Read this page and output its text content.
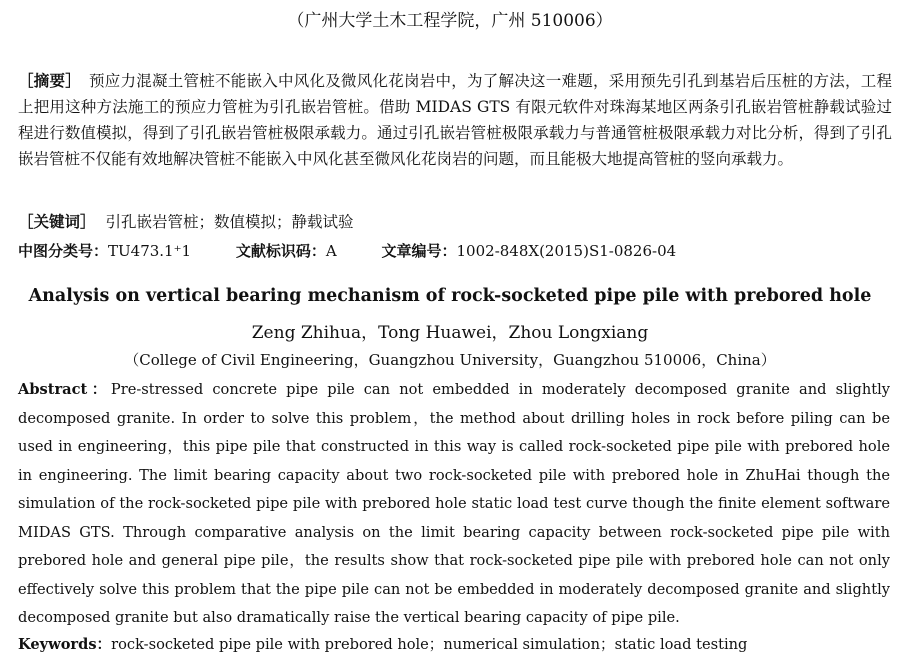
（广州大学土木工程学院，广州 510006）
［摘要］ 预应力混凝土管桩不能嵌入中风化及微风化花岗岩中，为了解决这一难题，采用预先引孔到基岩后压桩的方法，工程上把用这种方法施工的预应力管桩为引孔嵌岩管桩。借助 MIDAS GTS 有限元软件对珠海某地区两条引孔嵌岩管桩静载试验过程进行数值模拟，得到了引孔嵌岩管桩极限承载力。通过引孔嵌岩管桩极限承载力与普通管桩极限承载力对比分析，得到了引孔嵌岩管桩不仅能有效地解决管桩不能嵌入中风化甚至微风化花岗岩的问题，而且能极大地提高管桩的竖向承载力。
［关键词］ 引孔嵌岩管桩；数值模拟；静载试验
中图分类号：TU473.1⁺1	文献标识码：A	文章编号：1002-848X(2015)S1-0826-04
Analysis on vertical bearing mechanism of rock-socketed pipe pile with prebored hole
Zeng Zhihua，Tong Huawei，Zhou Longxiang
（College of Civil Engineering，Guangzhou University，Guangzhou 510006，China）
Abstract：Pre-stressed concrete pipe pile can not embedded in moderately decomposed granite and slightly decomposed granite. In order to solve this problem，the method about drilling holes in rock before piling can be used in engineering，this pipe pile that constructed in this way is called rock-socketed pipe pile with prebored hole in engineering. The limit bearing capacity about two rock-socketed pile with prebored hole in ZhuHai though the simulation of the rock-socketed pipe pile with prebored hole static load test curve though the finite element software MIDAS GTS. Through comparative analysis on the limit bearing capacity between rock-socketed pipe pile with prebored hole and general pipe pile，the results show that rock-socketed pipe pile with prebored hole can not only effectively solve this problem that the pipe pile can not be embedded in moderately decomposed granite and slightly decomposed granite but also dramatically raise the vertical bearing capacity of pipe pile.
Keywords：rock-socketed pipe pile with prebored hole；numerical simulation；static load testing
